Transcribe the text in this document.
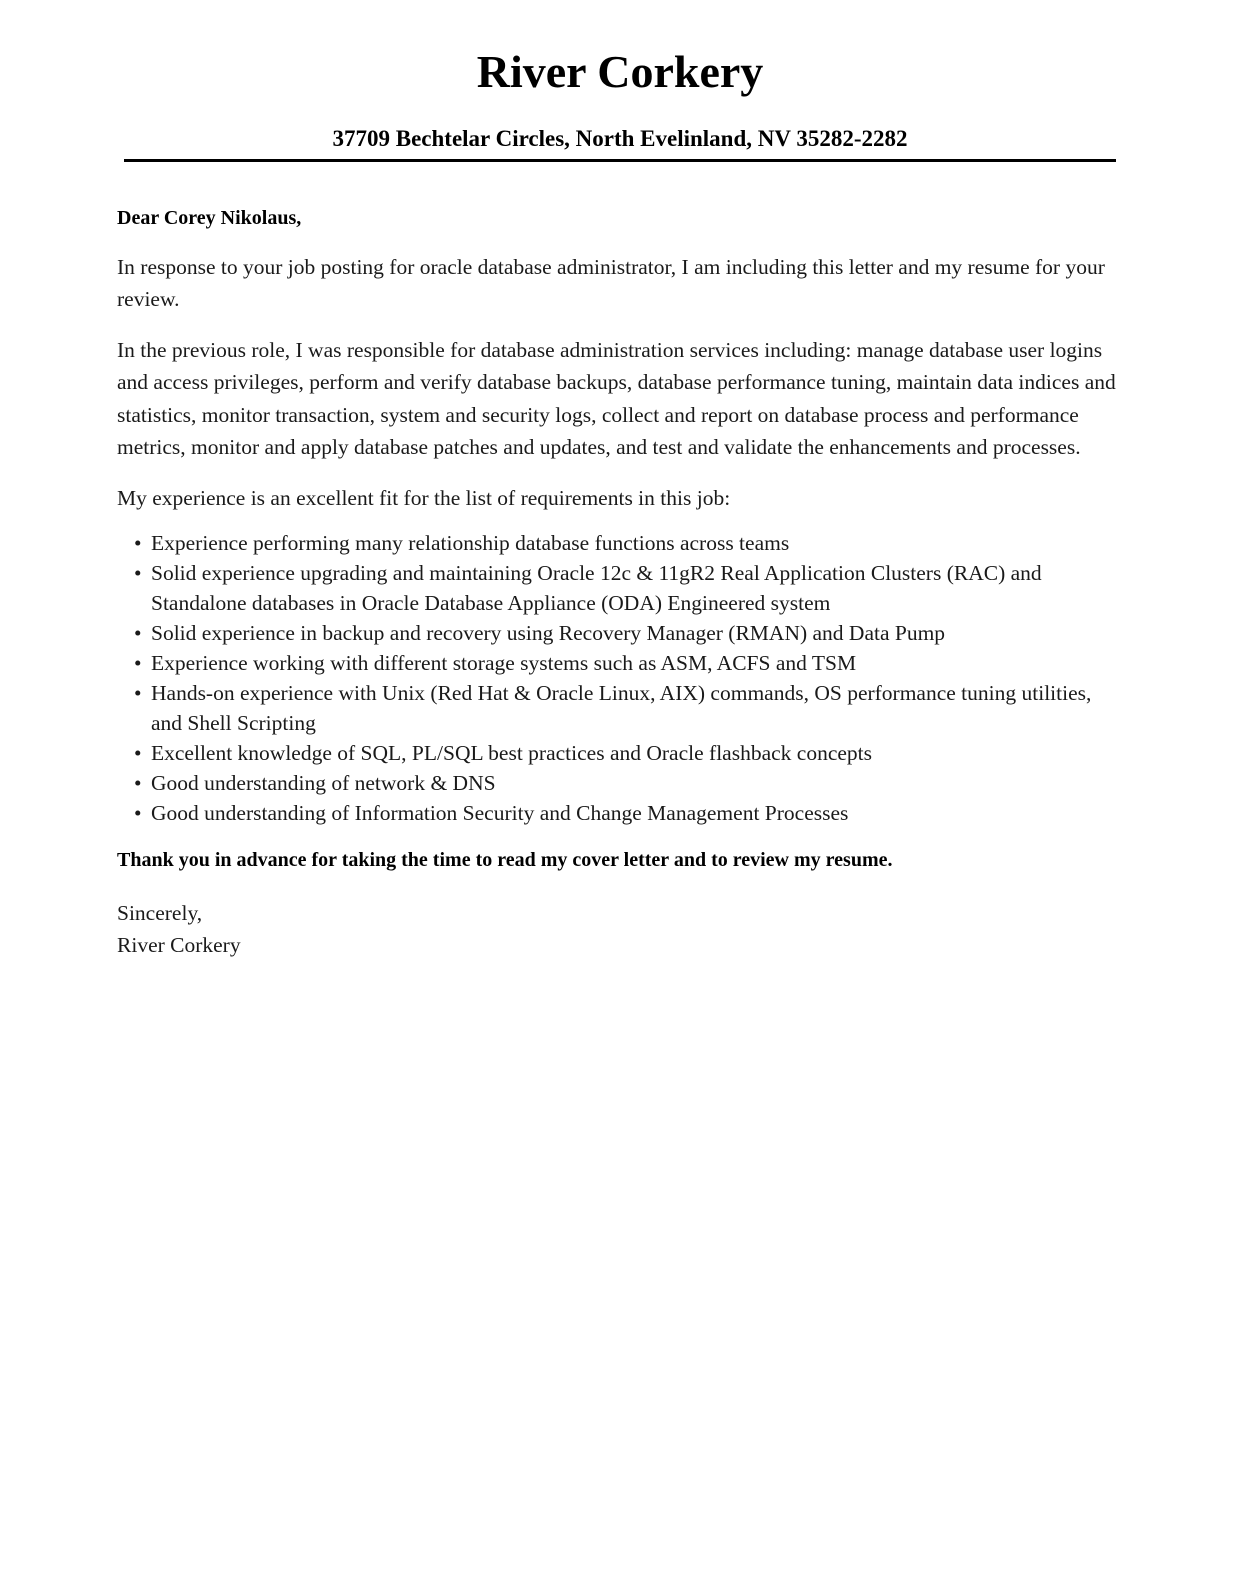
River Corkery
37709 Bechtelar Circles, North Evelinland, NV 35282-2282

Dear Corey Nikolaus,

In response to your job posting for oracle database administrator, I am including this letter and my resume for your review.

In the previous role, I was responsible for database administration services including: manage database user logins and access privileges, perform and verify database backups, database performance tuning, maintain data indices and statistics, monitor transaction, system and security logs, collect and report on database process and performance metrics, monitor and apply database patches and updates, and test and validate the enhancements and processes.

My experience is an excellent fit for the list of requirements in this job:

• Experience performing many relationship database functions across teams
• Solid experience upgrading and maintaining Oracle 12c & 11gR2 Real Application Clusters (RAC) and Standalone databases in Oracle Database Appliance (ODA) Engineered system
• Solid experience in backup and recovery using Recovery Manager (RMAN) and Data Pump
• Experience working with different storage systems such as ASM, ACFS and TSM
• Hands-on experience with Unix (Red Hat & Oracle Linux, AIX) commands, OS performance tuning utilities, and Shell Scripting
• Excellent knowledge of SQL, PL/SQL best practices and Oracle flashback concepts
• Good understanding of network & DNS
• Good understanding of Information Security and Change Management Processes

Thank you in advance for taking the time to read my cover letter and to review my resume.

Sincerely,

River Corkery
